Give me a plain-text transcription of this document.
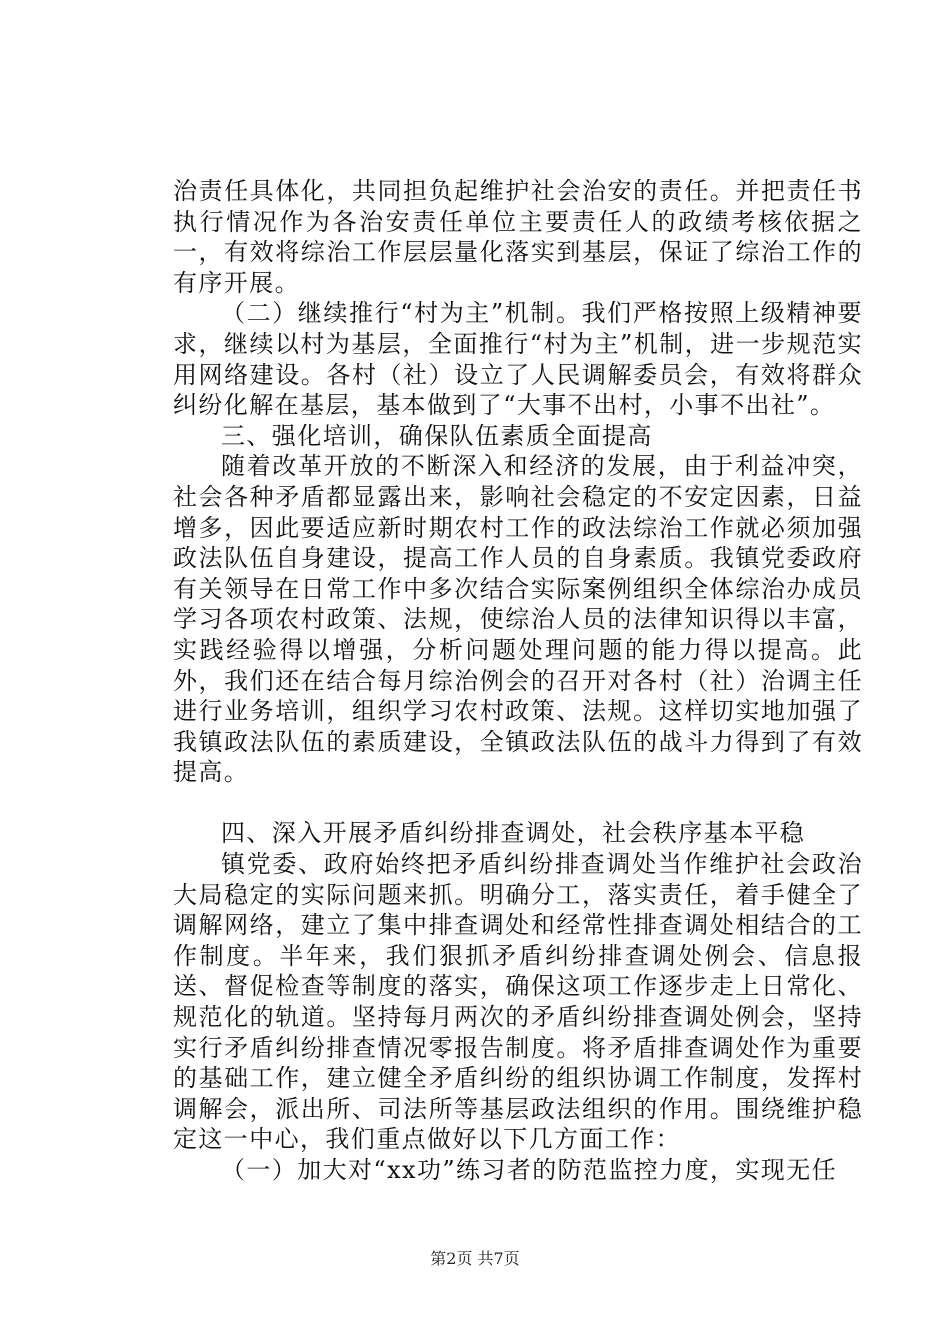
治责任具体化，共同担负起维护社会治安的责任。并把责任书执行情况作为各治安责任单位主要责任人的政绩考核依据之一，有效将综治工作层层量化落实到基层，保证了综治工作的有序开展。

（二）继续推行“村为主”机制。我们严格按照上级精神要求，继续以村为基层，全面推行“村为主”机制，进一步规范实用网络建设。各村（社）设立了人民调解委员会，有效将群众纠纷化解在基层，基本做到了“大事不出村，小事不出社”。

三、强化培训，确保队伍素质全面提高

随着改革开放的不断深入和经济的发展，由于利益冲突，社会各种矛盾都显露出来，影响社会稳定的不安定因素，日益增多，因此要适应新时期农村工作的政法综治工作就必须加强政法队伍自身建设，提高工作人员的自身素质。我镇党委政府有关领导在日常工作中多次结合实际案例组织全体综治办成员学习各项农村政策、法规，使综治人员的法律知识得以丰富，实践经验得以增强，分析问题处理问题的能力得以提高。此外，我们还在结合每月综治例会的召开对各村（社）治调主任进行业务培训，组织学习农村政策、法规。这样切实地加强了我镇政法队伍的素质建设，全镇政法队伍的战斗力得到了有效提高。

四、深入开展矛盾纠纷排查调处，社会秩序基本平稳

镇党委、政府始终把矛盾纠纷排查调处当作维护社会政治大局稳定的实际问题来抓。明确分工，落实责任，着手健全了调解网络，建立了集中排查调处和经常性排查调处相结合的工作制度。半年来，我们狠抓矛盾纠纷排查调处例会、信息报送、督促检查等制度的落实，确保这项工作逐步走上日常化、规范化的轨道。坚持每月两次的矛盾纠纷排查调处例会，坚持实行矛盾纠纷排查情况零报告制度。将矛盾排查调处作为重要的基础工作，建立健全矛盾纠纷的组织协调工作制度，发挥村调解会，派出所、司法所等基层政法组织的作用。围绕维护稳定这一中心，我们重点做好以下几方面工作：

（一）加大对“xx功”练习者的防范监控力度，实现无任

第2页 共7页
